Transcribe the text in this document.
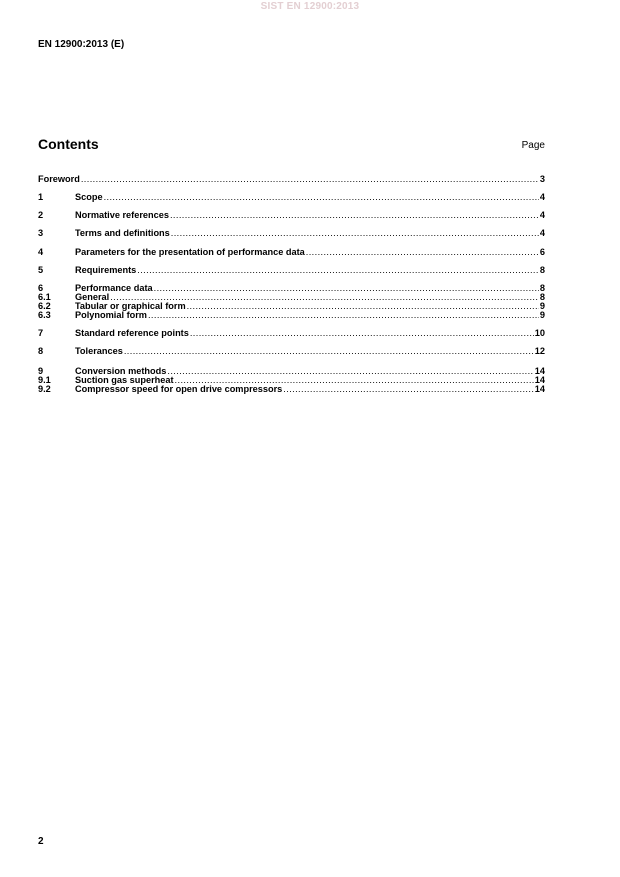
SIST EN 12900:2013
EN 12900:2013 (E)
Contents	Page
Foreword .....	3
1	Scope .....	4
2	Normative references .....	4
3	Terms and definitions .....	4
4	Parameters for the presentation of performance data .....	6
5	Requirements .....	8
6	Performance data .....	8
6.1	General .....	8
6.2	Tabular or graphical form .....	9
6.3	Polynomial form .....	9
7	Standard reference points .....	10
8	Tolerances .....	12
9	Conversion methods .....	14
9.1	Suction gas superheat .....	14
9.2	Compressor speed for open drive compressors .....	14
2
